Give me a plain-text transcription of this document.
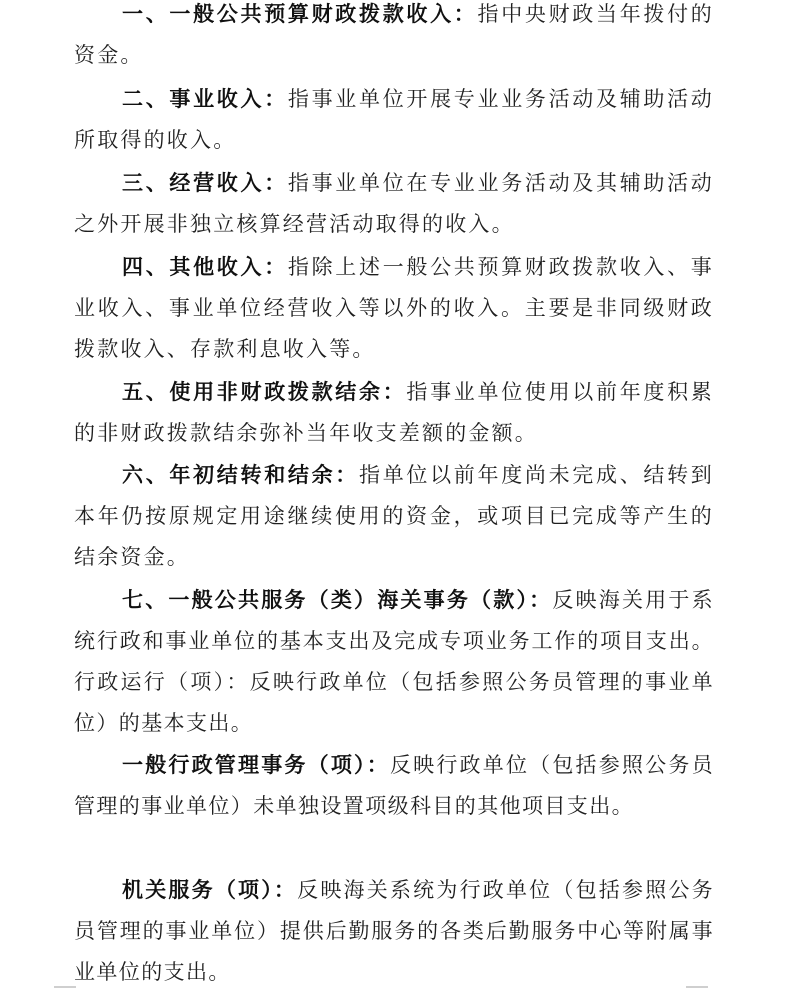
一、一般公共预算财政拨款收入：指中央财政当年拨付的资金。

二、事业收入：指事业单位开展专业业务活动及辅助活动所取得的收入。

三、经营收入：指事业单位在专业业务活动及其辅助活动之外开展非独立核算经营活动取得的收入。

四、其他收入：指除上述一般公共预算财政拨款收入、事业收入、事业单位经营收入等以外的收入。主要是非同级财政拨款收入、存款利息收入等。

五、使用非财政拨款结余：指事业单位使用以前年度积累的非财政拨款结余弥补当年收支差额的金额。

六、年初结转和结余：指单位以前年度尚未完成、结转到本年仍按原规定用途继续使用的资金，或项目已完成等产生的结余资金。

七、一般公共服务（类）海关事务（款）：反映海关用于系统行政和事业单位的基本支出及完成专项业务工作的项目支出。行政运行（项）：反映行政单位（包括参照公务员管理的事业单位）的基本支出。

一般行政管理事务（项）：反映行政单位（包括参照公务员管理的事业单位）未单独设置项级科目的其他项目支出。

机关服务（项）：反映海关系统为行政单位（包括参照公务员管理的事业单位）提供后勤服务的各类后勤服务中心等附属事业单位的支出。
